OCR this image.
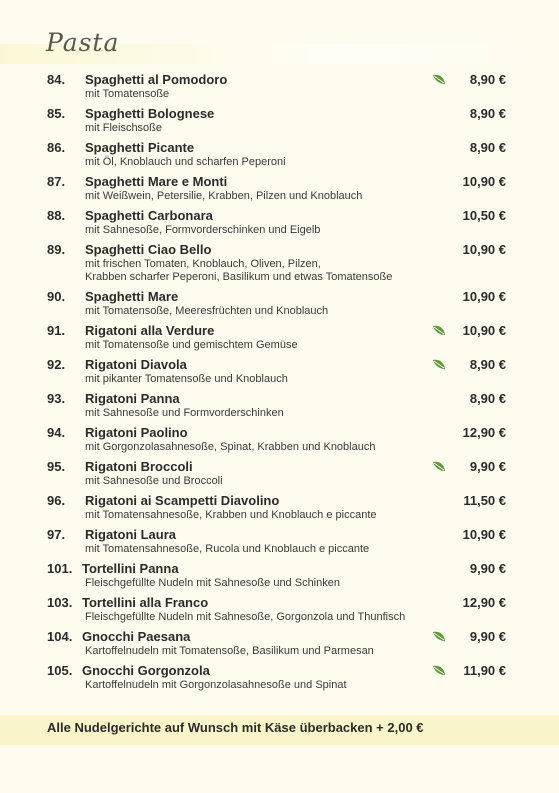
Pasta
84. Spaghetti al Pomodoro	8,90 €
mit Tomatensoße
85. Spaghetti Bolognese	8,90 €
mit Fleischsoße
86. Spaghetti Picante	8,90 €
mit Öl, Knoblauch und scharfen Peperoni
87. Spaghetti Mare e Monti	10,90 €
mit Weißwein, Petersilie, Krabben, Pilzen und Knoblauch
88. Spaghetti Carbonara	10,50 €
mit Sahnesoße, Formvorderschinken und Eigelb
89. Spaghetti Ciao Bello	10,90 €
mit frischen Tomaten, Knoblauch, Oliven, Pilzen,
Krabben scharfer Peperoni, Basilikum und etwas Tomatensoße
90. Spaghetti Mare	10,90 €
mit Tomatensoße, Meeresfrüchten und Knoblauch
91. Rigatoni alla Verdure	10,90 €
mit Tomatensoße und gemischtem Gemüse
92. Rigatoni Diavola	8,90 €
mit pikanter Tomatensoße und Knoblauch
93. Rigatoni Panna	8,90 €
mit Sahnesoße und Formvorderschinken
94. Rigatoni Paolino	12,90 €
mit Gorgonzolasahnesoße, Spinat, Krabben und Knoblauch
95. Rigatoni Broccoli	9,90 €
mit Sahnesoße und Broccoli
96. Rigatoni ai Scampetti Diavolino	11,50 €
mit Tomatensahnesoße, Krabben und Knoblauch e piccante
97. Rigatoni Laura	10,90 €
mit Tomatensahnesoße, Rucola und Knoblauch e piccante
101. Tortellini Panna	9,90 €
Fleischgefüllte Nudeln mit Sahnesoße und Schinken
103. Tortellini alla Franco	12,90 €
Fleischgefüllte Nudeln mit Sahnesoße, Gorgonzola und Thunfisch
104. Gnocchi Paesana	9,90 €
Kartoffelnudeln mit Tomatensoße, Basilikum und Parmesan
105. Gnocchi Gorgonzola	11,90 €
Kartoffelnudeln mit Gorgonzolasahnesoße und Spinat
Alle Nudelgerichte auf Wunsch mit Käse überbacken + 2,00 €
